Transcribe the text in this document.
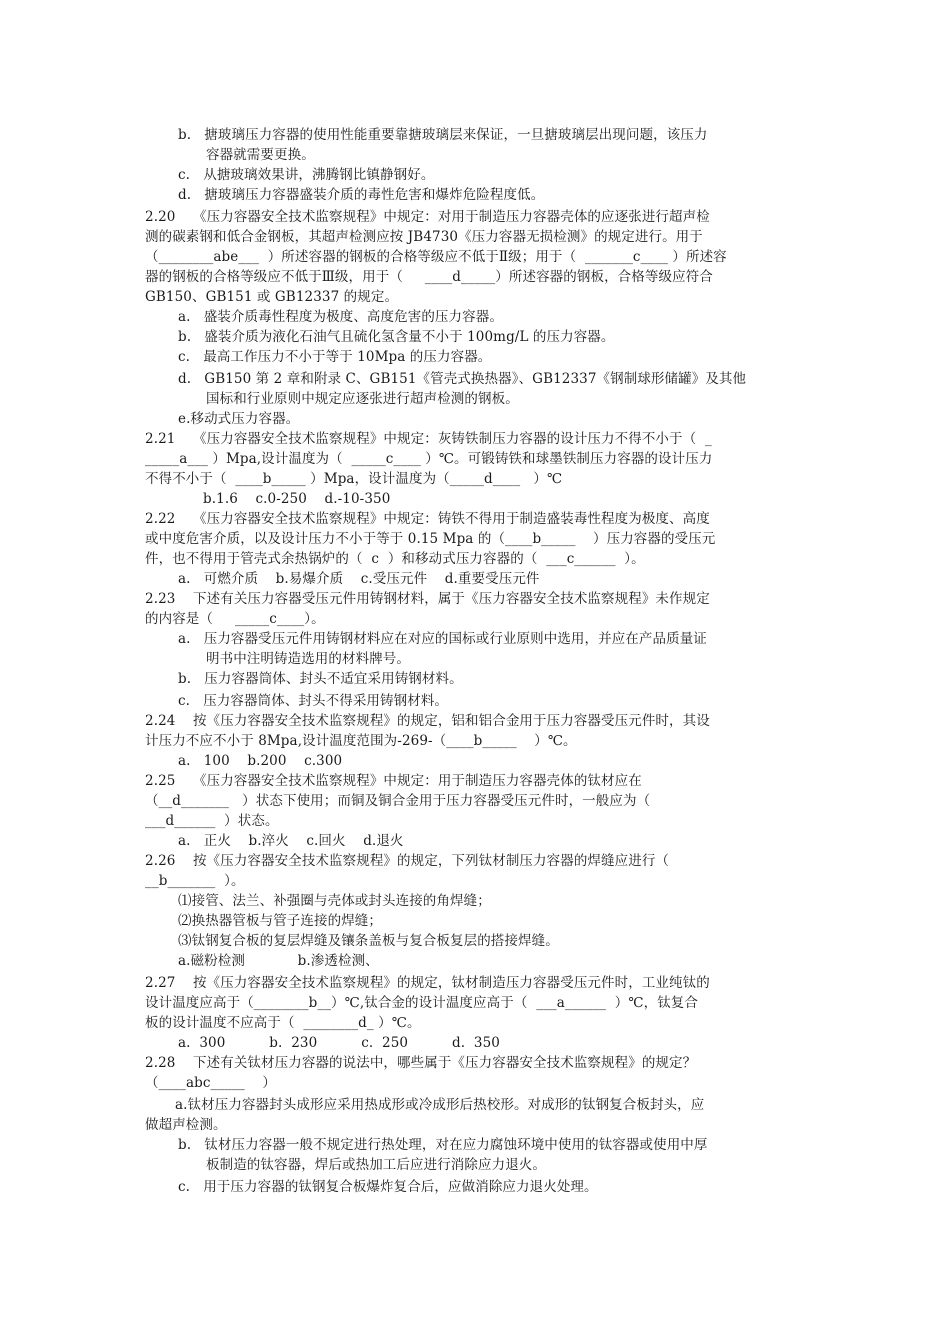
b.   搪玻璃压力容器的使用性能重要靠搪玻璃层来保证，一旦搪玻璃层出现问题，该压力
容器就需要更换。
c.   从搪玻璃效果讲，沸腾钢比镇静钢好。
d.   搪玻璃压力容器盛装介质的毒性危害和爆炸危险程度低。
2.20    《压力容器安全技术监察规程》中规定：对用于制造压力容器壳体的应逐张进行超声检
测的碳素钢和低合金钢板，其超声检测应按 JB4730《压力容器无损检测》的规定进行。用于
（________abe___  ）所述容器的钢板的合格等级应不低于Ⅱ级；用于（  _______c____ ）所述容
器的钢板的合格等级应不低于Ⅲ级，用于（     ____d_____）所述容器的钢板，合格等级应符合
GB150、GB151 或 GB12337 的规定。
a.   盛装介质毒性程度为极度、高度危害的压力容器。
b.   盛装介质为液化石油气且硫化氢含量不小于 100mg/L 的压力容器。
c.   最高工作压力不小于等于 10Mpa 的压力容器。
d.   GB150 第 2 章和附录 C、GB151《管壳式换热器》、GB12337《钢制球形储罐》及其他
国标和行业原则中规定应逐张进行超声检测的钢板。
e.移动式压力容器。
2.21    《压力容器安全技术监察规程》中规定：灰铸铁制压力容器的设计压力不得不小于（  _
_____a___ ）Mpa,设计温度为（  _____c____ ）℃。可锻铸铁和球墨铁制压力容器的设计压力
不得不小于（  ____b_____ ）Mpa，设计温度为（_____d____   ）℃
b.1.6    c.0-250    d.-10-350
2.22    《压力容器安全技术监察规程》中规定：铸铁不得用于制造盛装毒性程度为极度、高度
或中度危害介质，以及设计压力不小于等于 0.15 Mpa 的（____b_____    ）压力容器的受压元
件，也不得用于管壳式余热锅炉的（  c  ）和移动式压力容器的（  ___c______  ）。
a.   可燃介质    b.易爆介质    c.受压元件    d.重要受压元件
2.23    下述有关压力容器受压元件用铸钢材料，属于《压力容器安全技术监察规程》未作规定
的内容是（     _____c____）。
a.   压力容器受压元件用铸钢材料应在对应的国标或行业原则中选用，并应在产品质量证
明书中注明铸造选用的材料牌号。
b.   压力容器筒体、封头不适宜采用铸钢材料。
c.   压力容器筒体、封头不得采用铸钢材料。
2.24    按《压力容器安全技术监察规程》的规定，铝和铝合金用于压力容器受压元件时，其设
计压力不应不小于 8Mpa,设计温度范围为-269-（____b_____    ）℃。
a.   100    b.200    c.300
2.25    《压力容器安全技术监察规程》中规定：用于制造压力容器壳体的钛材应在
（__d_______   ）状态下使用；而铜及铜合金用于压力容器受压元件时，一般应为（
___d______  ）状态。
a.   正火    b.淬火    c.回火    d.退火
2.26    按《压力容器安全技术监察规程》的规定，下列钛材制压力容器的焊缝应进行（
__b_______  ）。
⑴接管、法兰、补强圈与壳体或封头连接的角焊缝；
⑵换热器管板与管子连接的焊缝；
⑶钛钢复合板的复层焊缝及镶条盖板与复合板复层的搭接焊缝。
a.磁粉检测            b.渗透检测、
2.27    按《压力容器安全技术监察规程》的规定，钛材制造压力容器受压元件时，工业纯钛的
设计温度应高于（________b__）℃,钛合金的设计温度应高于（  ___a______  ）℃，钛复合
板的设计温度不应高于（  ________d_ ）℃。
a.  300          b.  230          c.  250          d.  350
2.28    下述有关钛材压力容器的说法中，哪些属于《压力容器安全技术监察规程》的规定？
（____abc_____    ）
a.钛材压力容器封头成形应采用热成形或冷成形后热校形。对成形的钛钢复合板封头，应
做超声检测。
b.   钛材压力容器一般不规定进行热处理，对在应力腐蚀环境中使用的钛容器或使用中厚
板制造的钛容器，焊后或热加工后应进行消除应力退火。
c.   用于压力容器的钛钢复合板爆炸复合后，应做消除应力退火处理。
